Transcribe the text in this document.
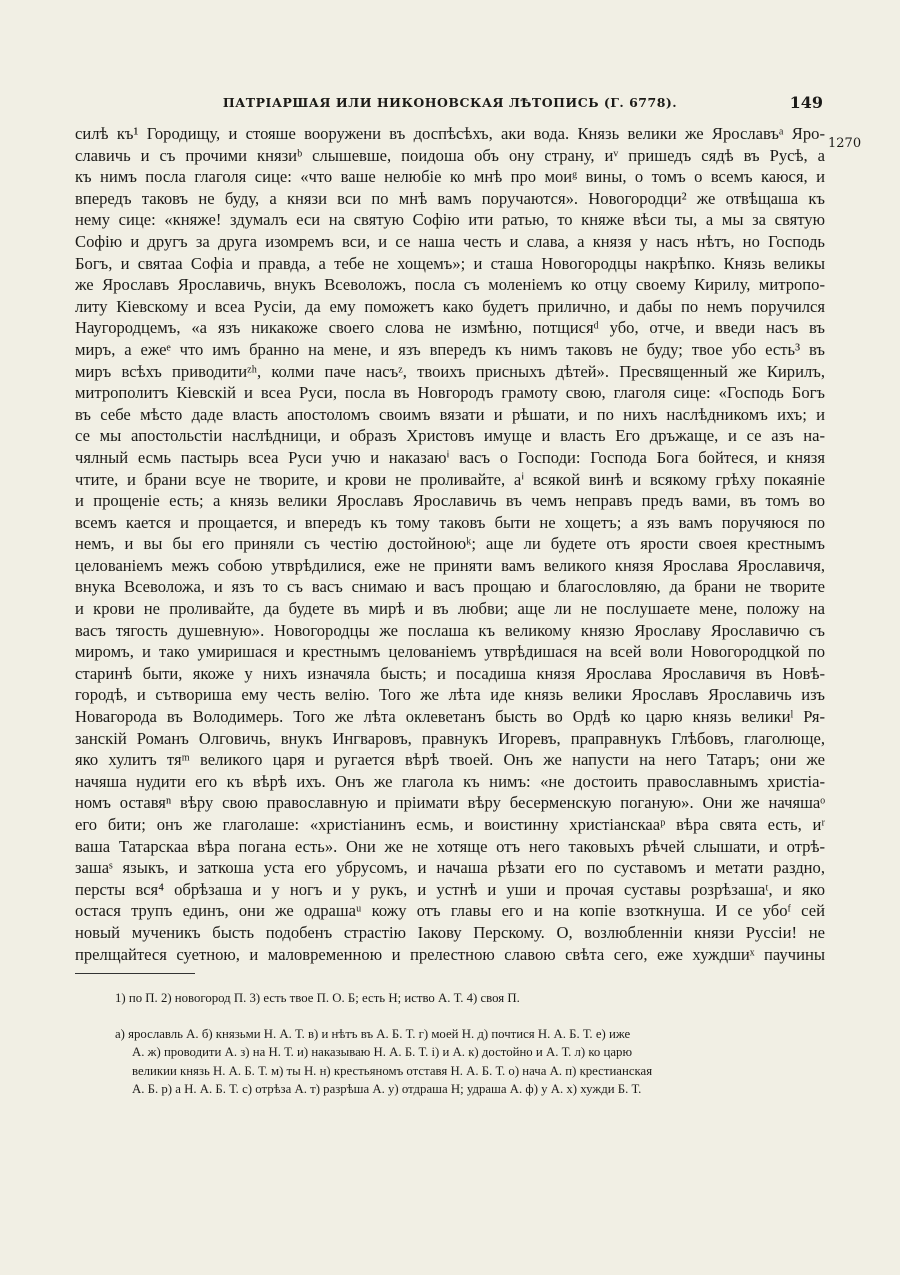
ПАТРІАРШАЯ ИЛИ НИКОНОВСКАЯ ЛѢТОПИСЬ (Г. 6778).	149
1270
силѣ къ¹ Городищу, и стояше вооружени въ доспѣсѣхъ, аки вода. Князь велики же Ярославъᵃ Яро-
славичь и съ прочими князиᵇ слышевше, поидоша объ ону страну, иᵛ пришедъ сядѣ въ Русѣ, а
къ нимъ посла глаголя сице: «что ваше нелюбіе ко мнѣ про моиᵍ вины, о томъ о всемъ каюся, и
впередъ таковъ не буду, а князи вси по мнѣ вамъ поручаются». Новогородци² же отвѣщаша къ
нему сице: «княже! здумалъ еси на святую Софію ити ратью, то княже вѣси ты, а мы за святую
Софію и другъ за друга изомремъ вси, и се наша честь и слава, а князя у насъ нѣтъ, но Господь
Богъ, и святаа Софіа и правда, а тебе не хощемъ»; и сташа Новогородцы накрѣпко. Князь великы
же Ярославъ Ярославичь, внукъ Всеволожъ, посла съ моленіемъ ко отцу своему Кирилу, митропо-
литу Кіевскому и всеа Русіи, да ему поможетъ како будетъ прилично, и дабы по немъ поручился
Наугородцемъ, «а язъ никакоже своего слова не измѣню, потщисяᵈ убо, отче, и введи насъ въ
миръ, а ежеᵉ что имъ бранно на мене, и язъ впередъ къ нимъ таковъ не буду; твое убо есть³ въ
миръ всѣхъ приводитиᶻʰ, колми паче насъᶻ, твоихъ присныхъ дѣтей». Пресвященный же Кирилъ,
митрополитъ Кіевскій и всеа Руси, посла въ Новгородъ грамоту свою, глаголя сице: «Господь Богъ
въ себе мѣсто даде власть апостоломъ своимъ вязати и рѣшати, и по нихъ наслѣдникомъ ихъ; и
се мы апостольстіи наслѣдници, и образъ Христовъ имуще и власть Его дръжаще, и се азъ на-
чялный есмь пастырь всеа Руси учю и наказаюⁱ васъ о Господи: Господа Бога бойтеся, и князя
чтите, и брани всуе не творите, и крови не проливайте, аⁱ всякой винѣ и всякому грѣху покаяніе
и прощеніе есть; а князь велики Ярославъ Ярославичь въ чемъ неправъ предъ вами, въ томъ во
всемъ кается и прощается, и впередъ къ тому таковъ быти не хощетъ; а язъ вамъ поручяюся по
немъ, и вы бы его приняли съ честію достойноюᵏ; аще ли будете отъ ярости своея крестнымъ
целованіемъ межъ собою утврѣдилися, еже не приняти вамъ великого князя Ярослава Ярославичя,
внука Всеволожа, и язъ то съ васъ снимаю и васъ прощаю и благословляю, да брани не творите
и крови не проливайте, да будете въ мирѣ и въ любви; аще ли не послушаете мене, положу на
васъ тягость душевную». Новогородцы же послаша къ великому князю Ярославу Ярославичю съ
миромъ, и тако умиришася и крестнымъ целованіемъ утврѣдишася на всей воли Новогородцкой по
старинѣ быти, якоже у нихъ изначяла бысть; и посадиша князя Ярослава Ярославичя въ Новѣ-
городѣ, и сътвориша ему честь велію. Того же лѣта иде князь велики Ярославъ Ярославичь изъ
Новагорода въ Володимерь. Того же лѣта оклеветанъ бысть во Ордѣ ко царю князь великиˡ Ря-
занскій Романъ Олговичь, внукъ Ингваровъ, правнукъ Игоревъ, праправнукъ Глѣбовъ, глаголюще,
яко хулитъ тяᵐ великого царя и ругается вѣрѣ твоей. Онъ же напусти на него Татаръ; они же
начяша нудити его къ вѣрѣ ихъ. Онъ же глагола къ нимъ: «не достоить православнымъ христіа-
номъ оставяⁿ вѣру свою православную и пріимати вѣру бесерменскую поганую». Они же начяшаᵒ
его бити; онъ же глаголаше: «христіанинъ есмь, и воистинну христіанскааᵖ вѣра свята есть, иʳ
ваша Татарскаа вѣра погана есть». Они же не хотяще отъ него таковыхъ рѣчей слышати, и отрѣ-
зашаˢ языкъ, и заткоша уста его убрусомъ, и начаша рѣзати его по суставомъ и метати раздно,
персты вся⁴ обрѣзаша и у ногъ и у рукъ, и устнѣ и уши и прочая суставы розрѣзашаᵗ, и яко
остася трупъ единъ, они же одрашаᵘ кожу отъ главы его и на копіе взоткнуша. И се убоᶠ сей
новый мученикъ бысть подобенъ страстію Іакову Перскому. О, возлюбленніи князи Руссіи! не
прелщайтеся суетною, и маловременною и прелестною славою свѣта сего, еже хуждшиˣ паучины
1) по П. 2) новогород П. 3) есть твое П. О. Б; есть Н; иство А. Т. 4) своя П.
а) ярославль А. б) князьми Н. А. Т. в) и нѣтъ въ А. Б. Т. г) моей Н. д) почтися Н. А. Б. Т. е) иже
А. ж) проводити А. з) на Н. Т. и) наказываю Н. А. Б. Т. і) и А. к) достойно и А. Т. л) ко царю
великии князь Н. А. Б. Т. м) ты Н. н) крестьяномъ отставя Н. А. Б. Т. о) нача А. п) крестианская
А. Б. р) а Н. А. Б. Т. с) отрѣза А. т) разрѣша А. у) отдраша Н; удраша А. ф) у А. х) хужди Б. Т.
